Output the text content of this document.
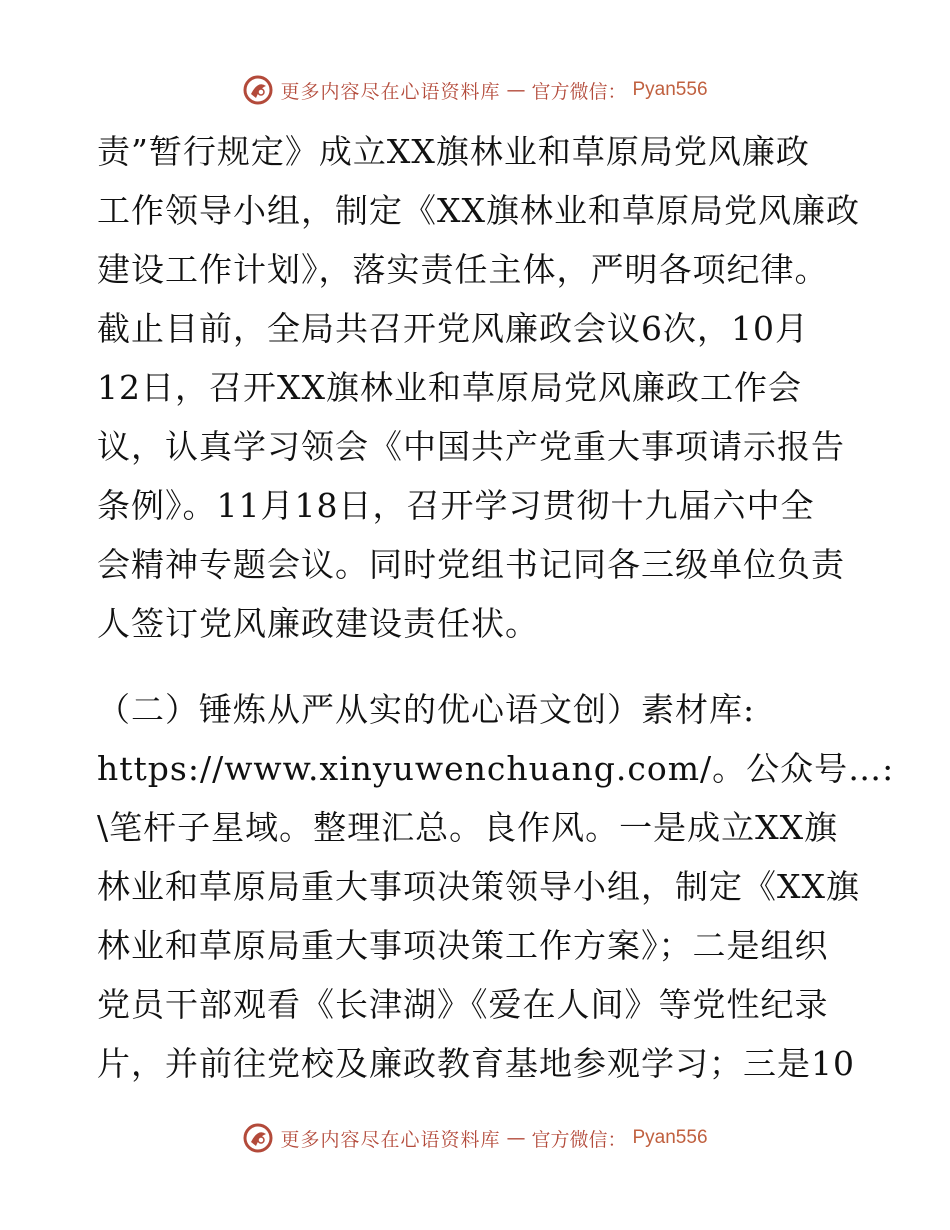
更多内容尽在心语资料库 — 官方微信： Pyan556
责”暂行规定》成立XX旗林业和草原局党风廉政
工作领导小组，制定《XX旗林业和草原局党风廉政
建设工作计划》，落实责任主体，严明各项纪律。
截止目前，全局共召开党风廉政会议6次，10月
12日，召开XX旗林业和草原局党风廉政工作会
议，认真学习领会《中国共产党重大事项请示报告
条例》。11月18日，召开学习贯彻十九届六中全
会精神专题会议。同时党组书记同各三级单位负责
人签订党风廉政建设责任状。
（二）锤炼从严从实的优心语文创）素材库:
https://www.xinyuwenchuang.com/。公众号…:
\笔杆子星域。整理汇总。良作风。一是成立XX旗
林业和草原局重大事项决策领导小组，制定《XX旗
林业和草原局重大事项决策工作方案》；二是组织
党员干部观看《长津湖》《爱在人间》等党性纪录
片，并前往党校及廉政教育基地参观学习；三是10
更多内容尽在心语资料库 — 官方微信： Pyan556
